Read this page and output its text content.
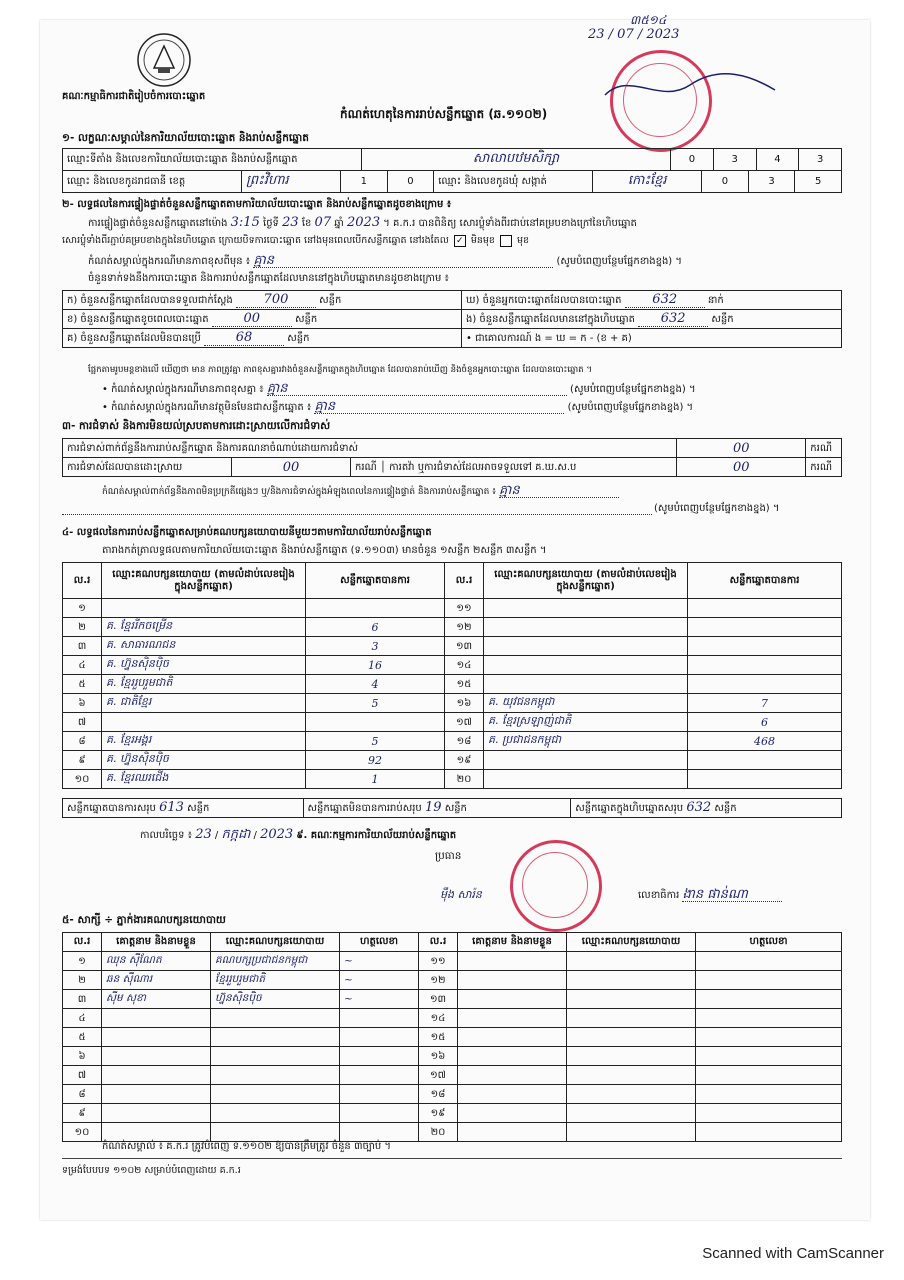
គណៈកម្មាធិការជាតិរៀបចំការបោះឆ្នោត
កំណត់ហេតុនៃការរាប់សន្លឹកឆ្នោត (ឆ.១១០២)
៣៥១៤
23 / 07 / 2023
១- លក្ខណៈសម្គាល់នៃការិយាល័យបោះឆ្នោត និងរាប់សន្លឹកឆ្នោត
ឈ្មោះទីតាំង និងលេខការិយាល័យបោះឆ្នោត និងរាប់សន្លឹកឆ្នោត	សាលាបឋមសិក្សា	0	3	4	3
ឈ្មោះ និងលេខកូដរាជធានី ខេត្ត	ព្រះវិហារ	1	0	ឈ្មោះ និងលេខកូដឃុំ សង្កាត់	កោះខ្មែរ	0	3	5
២- លទ្ធផលនៃការផ្ទៀងផ្ទាត់ចំនួនសន្លឹកឆ្នោតតាមការិយាល័យបោះឆ្នោត និងរាប់សន្លឹកឆ្នោតដូចខាងក្រោម ៖
ការផ្ទៀងផ្ទាត់ចំនួនសន្លឹកឆ្នោតនៅម៉ោង 3:15 ថ្ងៃទី 23 ខែ 07 ឆ្នាំ 2023 ។ គ.ក.រ បានពិនិត្យ សោរប្លុំទាំងពីរជាប់នៅគម្របខាងក្រៅនៃហិបឆ្នោត
សោរប្លុំទាំងពីរភ្ជាប់គម្របខាងក្នុងនៃហិបឆ្នោត ក្រោយបិទការបោះឆ្នោត នៅងមុនពេលបើកសន្លឹកឆ្នោត នៅរងតែល ✓ មិនមុខ មុខ
កំណត់សម្គាល់ក្នុងករណីមានភាពខុសពីមុន ៖ គ្មាន	(សូមបំពេញបន្ថែមផ្នែកខាងខ្នង) ។
ចំនួនទាក់ទងនឹងការបោះឆ្នោត និងការរាប់សន្លឹកឆ្នោតដែលមាននៅក្នុងហិបឆ្នោតមានដូចខាងក្រោម ៖
ក) ចំនួនសន្លឹកឆ្នោតដែលបានទទួលជាក់ស្តែង 700 សន្លឹក	ឃ) ចំនួនអ្នកបោះឆ្នោតដែលបានបោះឆ្នោត 632 នាក់
ខ) ចំនួនសន្លឹកឆ្នោតខូចពេលបោះឆ្នោត 00 សន្លឹក	ង) ចំនួនសន្លឹកឆ្នោតដែលមាននៅក្នុងហិបឆ្នោត 632 សន្លឹក
គ) ចំនួនសន្លឹកឆ្នោតដែលមិនបានប្រើ 68 សន្លឹក	• ជាគោលការណ៍ ង = ឃ = ក - (ខ + គ)
ផ្អែកតាមរូបមន្តខាងលើ ឃើញថា មាន ភាពត្រូវគ្នា ភាពខុសគ្នារវាងចំនួនសន្លឹកឆ្នោតក្នុងហិបឆ្នោត ដែលបានរាប់ឃើញ និងចំនួនអ្នកបោះឆ្នោត ដែលបានបោះឆ្នោត ។
• កំណត់សម្គាល់ក្នុងករណីមានភាពខុសគ្នា ៖ គ្មាន	(សូមបំពេញបន្ថែមផ្នែកខាងខ្នង) ។
• កំណត់សម្គាល់ក្នុងករណីមានវត្ថុមិនមែនជាសន្លឹកឆ្នោត ៖ គ្មាន	(សូមបំពេញបន្ថែមផ្នែកខាងខ្នង) ។
៣- ការជំទាស់ និងការមិនយល់ស្របតាមការដោះស្រាយលើការជំទាស់
ការជំទាស់ពាក់ព័ន្ធនឹងការរាប់សន្លឹកឆ្នោត និងការគណនាចំណាប់ដោយការជំទាស់			00	ករណី
ការជំទាស់ដែលបានដោះស្រាយ	00	ករណី │ ការតវ៉ា ឬការជំទាស់ដែលអាចទទួលទៅ គ.ឃ.ស.ប	00	ករណី
កំណត់សម្គាល់ពាក់ព័ន្ធនឹងភាពមិនប្រក្រតីផ្សេងៗ ឬ/និងការជំទាស់ក្នុងអំឡុងពេលនៃការផ្ទៀងផ្ទាត់ និងការរាប់សន្លឹកឆ្នោត ៖ គ្មាន
(សូមបំពេញបន្ថែមផ្នែកខាងខ្នង) ។
៤- លទ្ធផលនៃការរាប់សន្លឹកឆ្នោតសម្រាប់គណបក្សនយោបាយនីមួយៗតាមការិយាល័យរាប់សន្លឹកឆ្នោត
តារាងកត់ត្រាលទ្ធផលតាមការិយាល័យបោះឆ្នោត និងរាប់សន្លឹកឆ្នោត (ទ.១១០៣) មានចំនួន ១សន្លឹក ២សន្លឹក ៣សន្លឹក ។
ល.រ	ឈ្មោះគណបក្សនយោបាយ (តាមលំដាប់លេខរៀងក្នុងសន្លឹកឆ្នោត)	សន្លឹកឆ្នោតបានការ	ល.រ	ឈ្មោះគណបក្សនយោបាយ (តាមលំដាប់លេខរៀងក្នុងសន្លឹកឆ្នោត)	សន្លឹកឆ្នោតបានការ
១			១១		
២	គ. ខ្មែររីកចម្រើន	6	១២		
៣	គ. សាធារណជន	3	១៣		
៤	គ. ហ្វ៊ុនស៊ិនប៉ិច	16	១៤		
៥	គ. ខ្មែររួបរួមជាតិ	4	១៥		
៦	គ. ជាតិខ្មែរ	5	១៦	គ. យុវជនកម្ពុជា	7
៧			១៧	គ. ខ្មែរស្រឡាញ់ជាតិ	6
៨	គ. ខ្មែរអង្គរ	5	១៨	គ. ប្រជាជនកម្ពុជា	468
៩	គ. ហ្វ៊ុនស៊ិនប៉ិច	92	១៩		
១០	គ. ខ្មែរឈរជើង	1	២០		
សន្លឹកឆ្នោតបានការសរុប 613 សន្លឹក	សន្លឹកឆ្នោតមិនបានការរាប់សរុប 19 សន្លឹក	សន្លឹកឆ្នោតក្នុងហិបឆ្នោតសរុប 632 សន្លឹក
កាលបរិច្ឆេទ ៖ 23 / កក្កដា / 2023 ៩. គណៈកម្មការការិយាល័យរាប់សន្លឹកឆ្នោត
ប្រធាន
ម៉ឹង សារ៉ន	លេខាធិការ ងាន ផាន់ណា
៥- សាក្សី ÷ ភ្នាក់ងារគណបក្សនយោបាយ
ល.រ	គោត្តនាម និងនាមខ្លួន	ឈ្មោះគណបក្សនយោបាយ	ហត្ថលេខា	ល.រ	គោត្តនាម និងនាមខ្លួន	ឈ្មោះគណបក្សនយោបាយ	ហត្ថលេខា
១	ឈុន ស៊ីណែត	គណបក្សប្រជាជនកម្ពុជា	~	១១			
២	ឆន ស៊ីណារ	ខ្មែររួបរួមជាតិ	~	១២			
៣	ស៊ីម សុខា	ហ្វ៊ុនស៊ិនប៉ិច	~	១៣			
៤				១៤			
៥				១៥			
៦				១៦			
៧				១៧			
៨				១៨			
៩				១៩			
១០				២០			
កំណត់សម្គាល់ ៖ គ.ក.រ ត្រូវបំពេញ ទ.១១០២ ឱ្យបានត្រឹមត្រូវ ចំនួន ៣ច្បាប់ ។
ទម្រង់បែបបទ ១១០២ សម្រាប់បំពេញដោយ គ.ក.រ
Scanned with CamScanner
